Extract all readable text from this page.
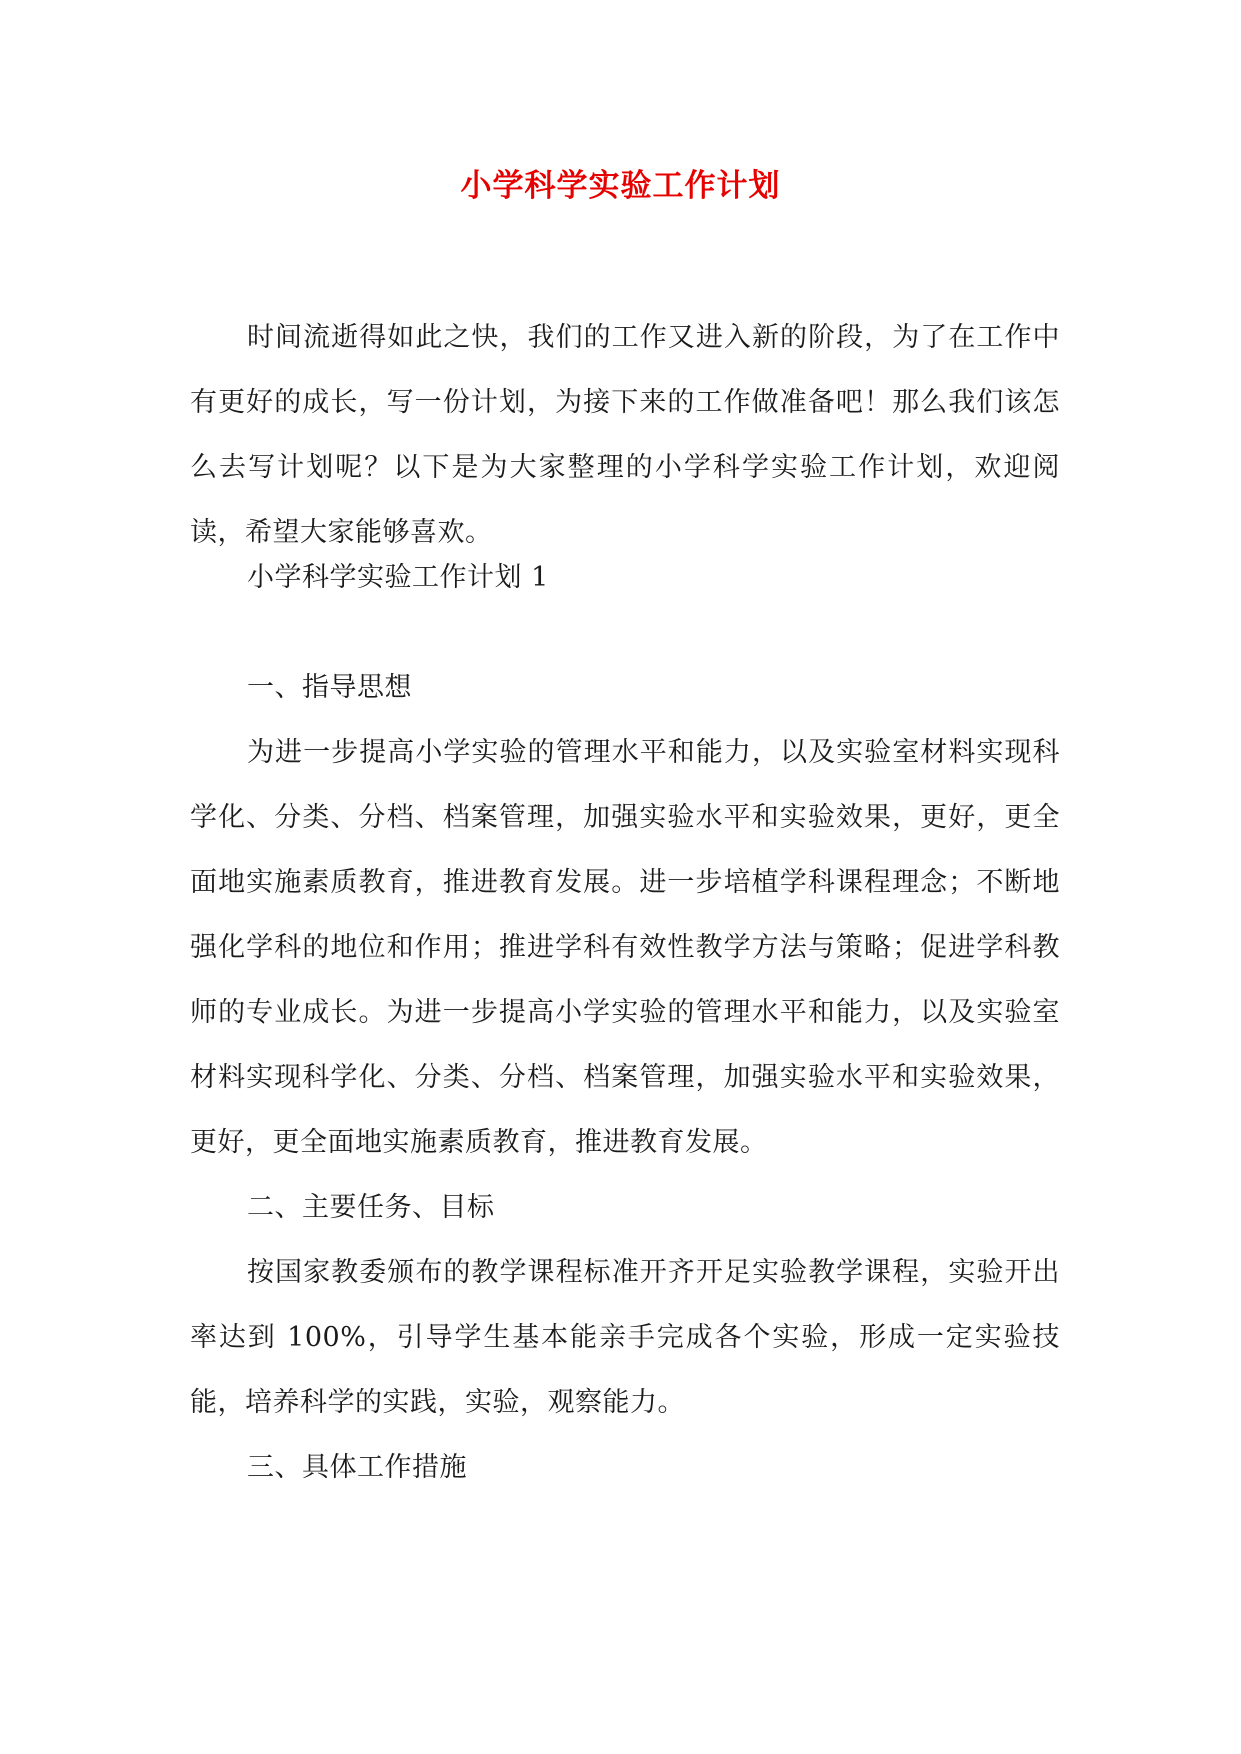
小学科学实验工作计划

时间流逝得如此之快，我们的工作又进入新的阶段，为了在工作中有更好的成长，写一份计划，为接下来的工作做准备吧！那么我们该怎么去写计划呢？以下是为大家整理的小学科学实验工作计划，欢迎阅读，希望大家能够喜欢。

小学科学实验工作计划 1

一、指导思想

为进一步提高小学实验的管理水平和能力，以及实验室材料实现科学化、分类、分档、档案管理，加强实验水平和实验效果，更好，更全面地实施素质教育，推进教育发展。进一步培植学科课程理念；不断地强化学科的地位和作用；推进学科有效性教学方法与策略；促进学科教师的专业成长。为进一步提高小学实验的管理水平和能力，以及实验室材料实现科学化、分类、分档、档案管理，加强实验水平和实验效果，更好，更全面地实施素质教育，推进教育发展。

二、主要任务、目标

按国家教委颁布的教学课程标准开齐开足实验教学课程，实验开出率达到 100%，引导学生基本能亲手完成各个实验，形成一定实验技能，培养科学的实践，实验，观察能力。

三、具体工作措施
